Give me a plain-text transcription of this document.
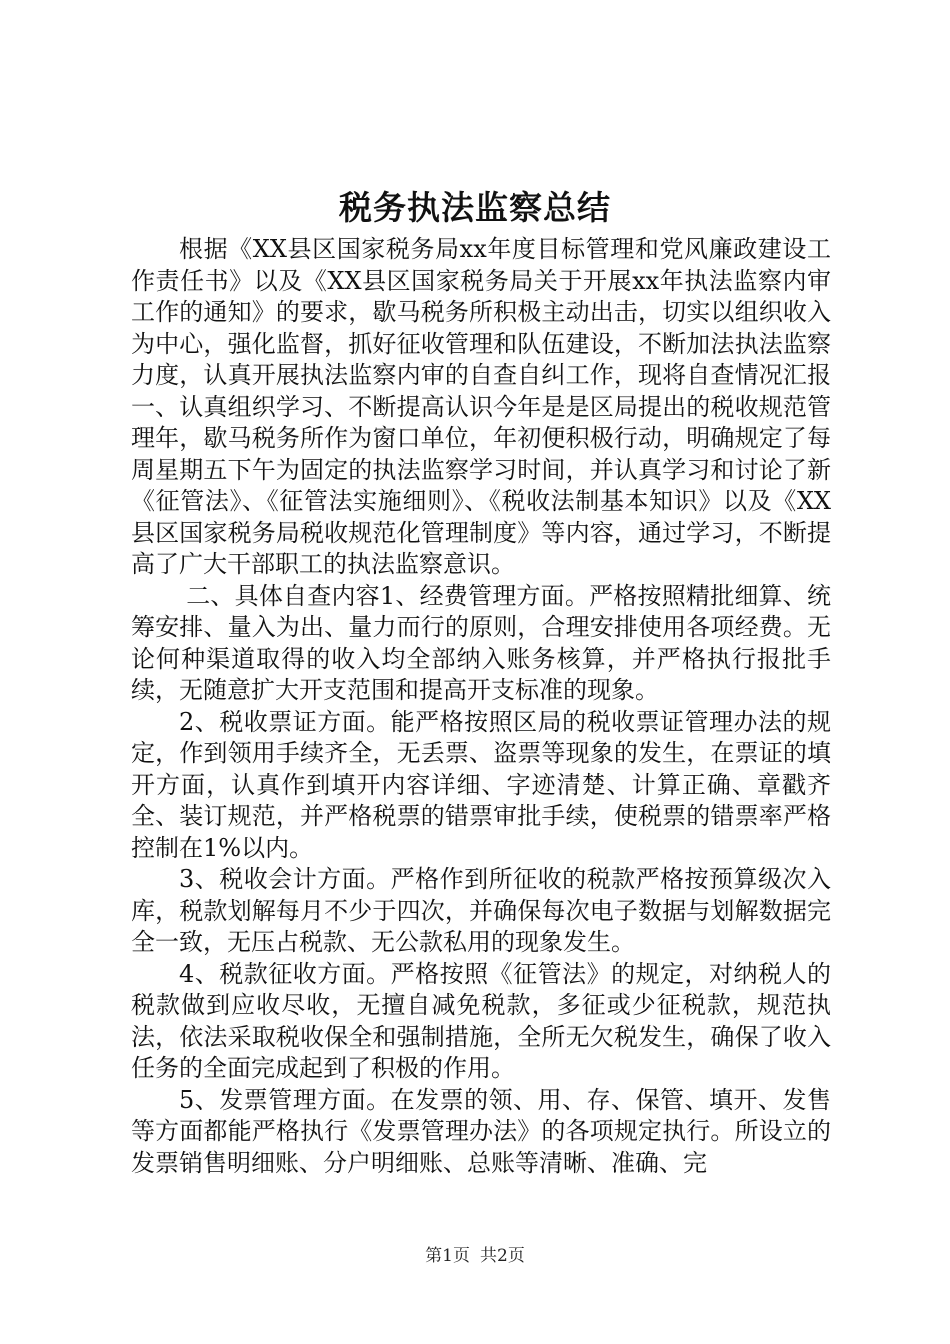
税务执法监察总结

根据《XX县区国家税务局xx年度目标管理和党风廉政建设工作责任书》以及《XX县区国家税务局关于开展xx年执法监察内审工作的通知》的要求，歇马税务所积极主动出击，切实以组织收入为中心，强化监督，抓好征收管理和队伍建设，不断加法执法监察力度，认真开展执法监察内审的自查自纠工作，现将自查情况汇报一、认真组织学习、不断提高认识今年是是区局提出的税收规范管理年，歇马税务所作为窗口单位，年初便积极行动，明确规定了每周星期五下午为固定的执法监察学习时间，并认真学习和讨论了新《征管法》、《征管法实施细则》、《税收法制基本知识》以及《XX县区国家税务局税收规范化管理制度》等内容，通过学习，不断提高了广大干部职工的执法监察意识。

二、具体自查内容1、经费管理方面。严格按照精批细算、统筹安排、量入为出、量力而行的原则，合理安排使用各项经费。无论何种渠道取得的收入均全部纳入账务核算，并严格执行报批手续，无随意扩大开支范围和提高开支标准的现象。

2、税收票证方面。能严格按照区局的税收票证管理办法的规定，作到领用手续齐全，无丢票、盗票等现象的发生，在票证的填开方面，认真作到填开内容详细、字迹清楚、计算正确、章戳齐全、装订规范，并严格税票的错票审批手续，使税票的错票率严格控制在1%以内。

3、税收会计方面。严格作到所征收的税款严格按预算级次入库，税款划解每月不少于四次，并确保每次电子数据与划解数据完全一致，无压占税款、无公款私用的现象发生。

4、税款征收方面。严格按照《征管法》的规定，对纳税人的税款做到应收尽收，无擅自减免税款，多征或少征税款，规范执法，依法采取税收保全和强制措施，全所无欠税发生，确保了收入任务的全面完成起到了积极的作用。

5、发票管理方面。在发票的领、用、存、保管、填开、发售等方面都能严格执行《发票管理办法》的各项规定执行。所设立的发票销售明细账、分户明细账、总账等清晰、准确、完

第1页 共2页
